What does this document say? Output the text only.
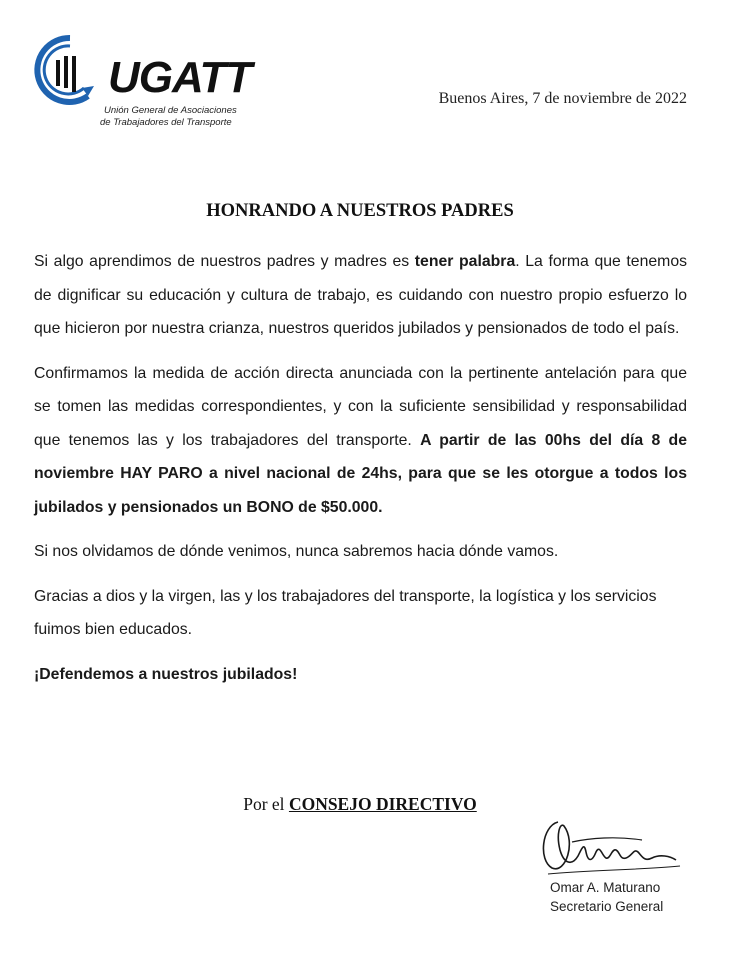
UGATT
Unión General de Asociaciones
de Trabajadores del Transporte
Buenos Aires, 7 de noviembre de 2022
HONRANDO A NUESTROS PADRES

Si algo aprendimos de nuestros padres y madres es tener palabra. La forma que tenemos de dignificar su educación y cultura de trabajo, es cuidando con nuestro propio esfuerzo lo que hicieron por nuestra crianza, nuestros queridos jubilados y pensionados de todo el país.

Confirmamos la medida de acción directa anunciada con la pertinente antelación para que se tomen las medidas correspondientes, y con la suficiente sensibilidad y responsabilidad que tenemos las y los trabajadores del transporte. A partir de las 00hs del día 8 de noviembre HAY PARO a nivel nacional de 24hs, para que se les otorgue a todos los jubilados y pensionados un BONO de $50.000.

Si nos olvidamos de dónde venimos, nunca sabremos hacia dónde vamos.

Gracias a dios y la virgen, las y los trabajadores del transporte, la logística y los servicios fuimos bien educados.

¡Defendemos a nuestros jubilados!

Por el CONSEJO DIRECTIVO
Omar A. Maturano
Secretario General
